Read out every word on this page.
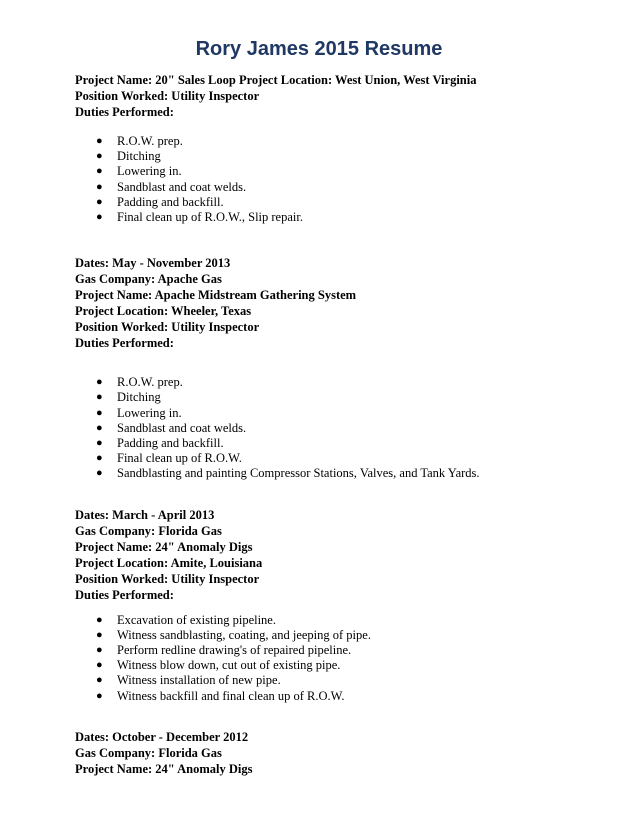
Rory James 2015 Resume

Project Name: 20" Sales Loop Project Location: West Union, West Virginia

Position Worked: Utility Inspector

Duties Performed:

● R.O.W. prep.
● Ditching
● Lowering in.
● Sandblast and coat welds.
● Padding and backfill.
● Final clean up of R.O.W., Slip repair.

Dates: May - November 2013

Gas Company: Apache Gas

Project Name: Apache Midstream Gathering System

Project Location: Wheeler, Texas

Position Worked: Utility Inspector

Duties Performed:

● R.O.W. prep.
● Ditching
● Lowering in.
● Sandblast and coat welds.
● Padding and backfill.
● Final clean up of R.O.W.
● Sandblasting and painting Compressor Stations, Valves, and Tank Yards.

Dates: March - April 2013

Gas Company: Florida Gas

Project Name: 24" Anomaly Digs

Project Location: Amite, Louisiana

Position Worked: Utility Inspector

Duties Performed:

● Excavation of existing pipeline.
● Witness sandblasting, coating, and jeeping of pipe.
● Perform redline drawing's of repaired pipeline.
● Witness blow down, cut out of existing pipe.
● Witness installation of new pipe.
● Witness backfill and final clean up of R.O.W.

Dates: October - December 2012

Gas Company: Florida Gas

Project Name: 24" Anomaly Digs
